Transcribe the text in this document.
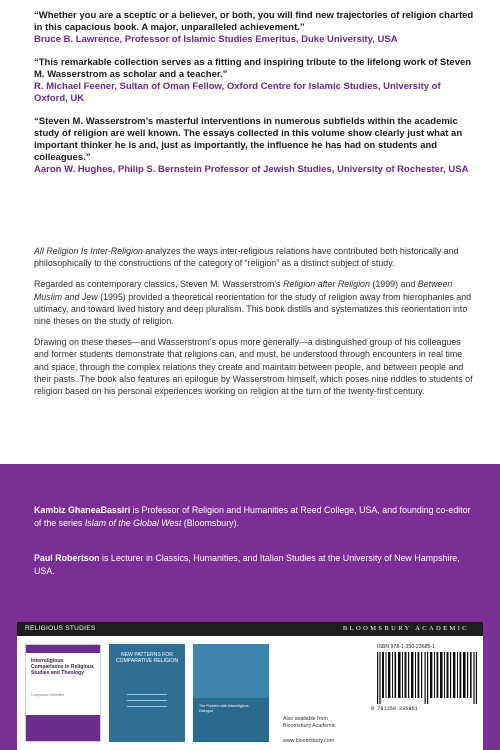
“Whether you are a sceptic or a believer, or both, you will find new trajectories of religion charted in this capacious book. A major, unparalleled achievement.”
Bruce B. Lawrence, Professor of Islamic Studies Emeritus, Duke University, USA
“This remarkable collection serves as a fitting and inspiring tribute to the lifelong work of Steven M. Wasserstrom as scholar and a teacher.”
R. Michael Feener, Sultan of Oman Fellow, Oxford Centre for Islamic Studies, University of Oxford, UK
“Steven M. Wasserstrom’s masterful interventions in numerous subfields within the academic study of religion are well known. The essays collected in this volume show clearly just what an important thinker he is and, just as importantly, the influence he has had on students and colleagues.”
Aaron W. Hughes, Philip S. Bernstein Professor of Jewish Studies, University of Rochester, USA

All Religion Is Inter-Religion analyzes the ways inter-religious relations have contributed both historically and philosophically to the constructions of the category of “religion” as a distinct subject of study.

Regarded as contemporary classics, Steven M. Wasserstrom’s Religion after Religion (1999) and Between Muslim and Jew (1995) provided a theoretical reorientation for the study of religion away from hierophanies and ultimacy, and toward lived history and deep pluralism. This book distills and systematizes this reorientation into nine theses on the study of religion.

Drawing on these theses—and Wasserstrom’s opus more generally—a distinguished group of his colleagues and former students demonstrate that religions can, and must, be understood through encounters in real time and space, through the complex relations they create and maintain between people, and between people and their pasts. The book also features an epilogue by Wasserstrom himself, which poses nine riddles to students of religion based on his personal experiences working on religion at the turn of the twenty-first century.

Kambiz GhaneaBassiri is Professor of Religion and Humanities at Reed College, USA, and founding co-editor of the series Islam of the Global West (Bloomsbury).
Paul Robertson is Lecturer in Classics, Humanities, and Italian Studies at the University of New Hampshire, USA.
RELIGIOUS STUDIES	BLOOMSBURY ACADEMIC
Interreligious Comparisons in Religious Studies and Theology
Comparison Revisited
NEW PATTERNS FOR COMPARATIVE RELIGION
The Problem with Interreligious Dialogue
Also available from
Bloomsbury Academic
www.bloomsbury.com
ISBN 978-1-350-23685-1
9 781350 236851
